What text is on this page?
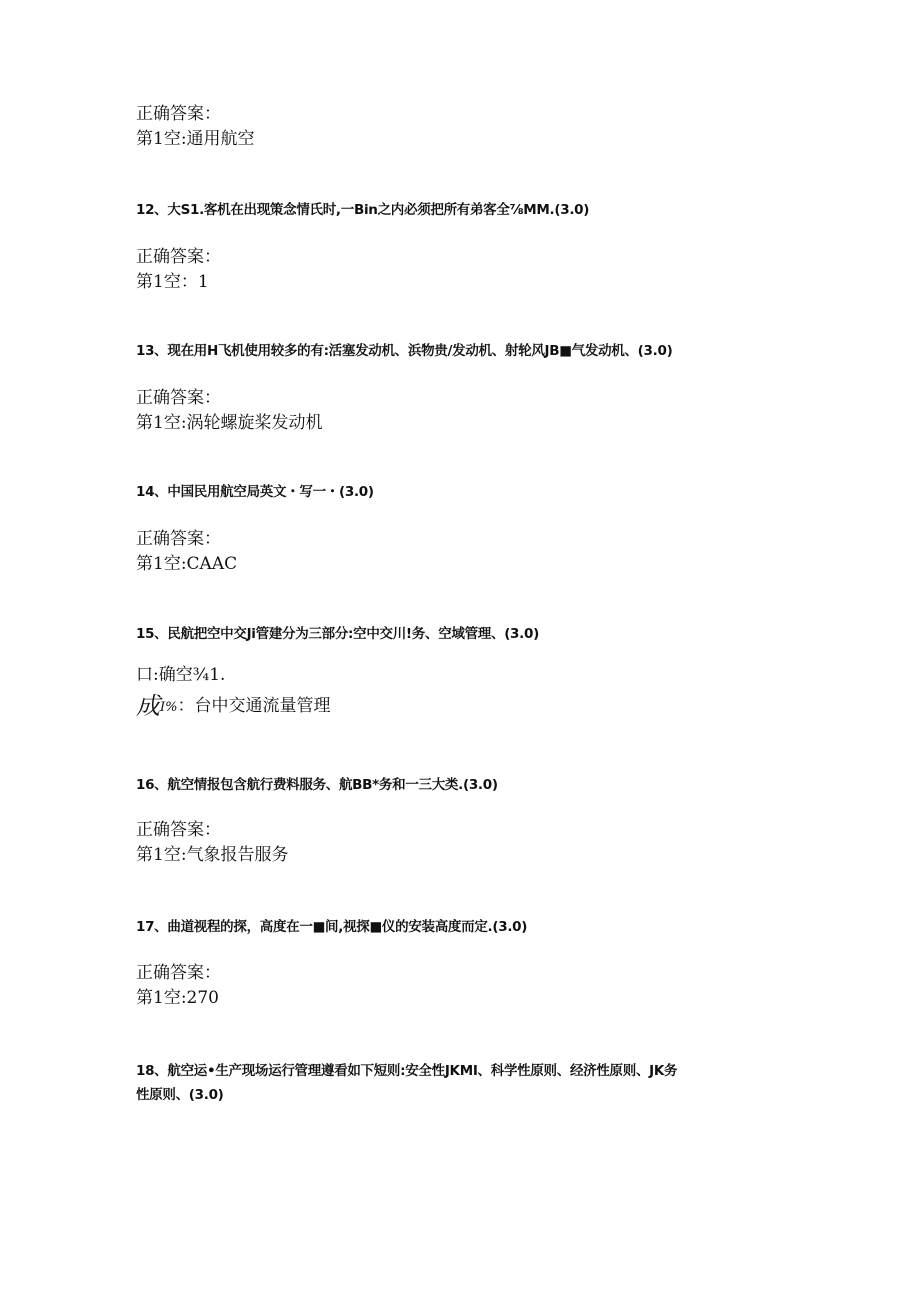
正确答案：
第1空:通用航空
12、大S1.客机在出现策念情氏时,一Bin之内必须把所有弟客全⅞MM.(3.0)
正确答案：
第1空：1
13、现在用H飞机使用较多的有:活塞发动机、浜物贵/发动机、射轮风JB■气发动机、(3.0)
正确答案：
第1空:涡轮螺旋桨发动机
14、中国民用航空局英文・写一・(3.0)
正确答案：
第1空:CAAC
15、民航把空中交Ji管建分为三部分:空中交川!务、空域管理、(3.0)
口:确空¾1.
成I%：台中交通流量管理
16、航空情报包含航行费料服务、航BB*务和一三大类.(3.0)
正确答案：
第1空:气象报告服务
17、曲道视程的探，高度在一■间,视探■仪的安装高度而定.(3.0)
正确答案：
第1空:270
18、航空运•生产现场运行管理遵看如下短则:安全性JKMI、科学性原则、经济性原则、JK务
性原则、(3.0)
